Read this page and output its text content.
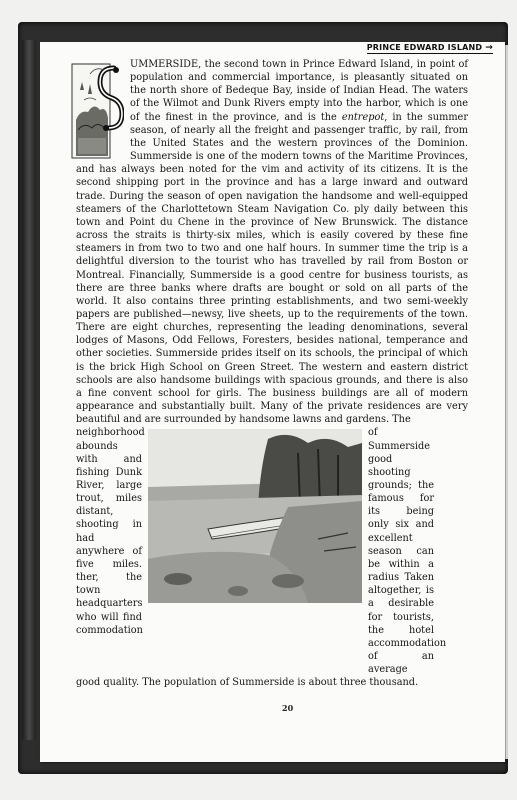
PRINCE EDWARD ISLAND →
UMMERSIDE, the second town in Prince Edward Island, in point of population and commercial importance, is pleasantly situated on the north shore of Bedeque Bay, inside of Indian Head. The waters of the Wilmot and Dunk Rivers empty into the harbor, which is one of the finest in the province, and is the entrepot, in the summer season, of nearly all the freight and passenger traffic, by rail, from the United States and the western provinces of the Dominion. Summerside is one of the modern towns of the Maritime Provinces, and has always been noted for the vim and activity of its citizens. It is the second shipping port in the province and has a large inward and outward trade. During the season of open navigation the handsome and well-equipped steamers of the Charlottetown Steam Navigation Co. ply daily between this town and Point du Chene in the province of New Brunswick. The distance across the straits is thirty-six miles, which is easily covered by these fine steamers in from two to two and one half hours. In summer time the trip is a delightful diversion to the tourist who has travelled by rail from Boston or Montreal. Financially, Summerside is a good centre for business tourists, as there are three banks where drafts are bought or sold on all parts of the world. It also contains three printing establishments, and two semi-weekly papers are published—newsy, live sheets, up to the requirements of the town. There are eight churches, representing the leading denominations, several lodges of Masons, Odd Fellows, Foresters, besides national, temperance and other societies. Summerside prides itself on its schools, the principal of which is the brick High School on Green Street. The western and eastern district schools are also handsome buildings with spacious grounds, and there is also a fine convent school for girls. The business buildings are all of modern appearance and substantially built. Many of the private residences are very beautiful and are surrounded by handsome lawns and gardens. The

neighborhood abounds with and fishing Dunk River, large trout, miles distant, shooting in had anywhere of five miles. ther, the town headquarters who will find commodation

of Summerside good shooting grounds; the famous for its being only six and excellent season can be within a radius Taken altogether, is a desirable for tourists, the hotel accommodation of an average

good quality. The population of Summerside is about three thousand.
20
